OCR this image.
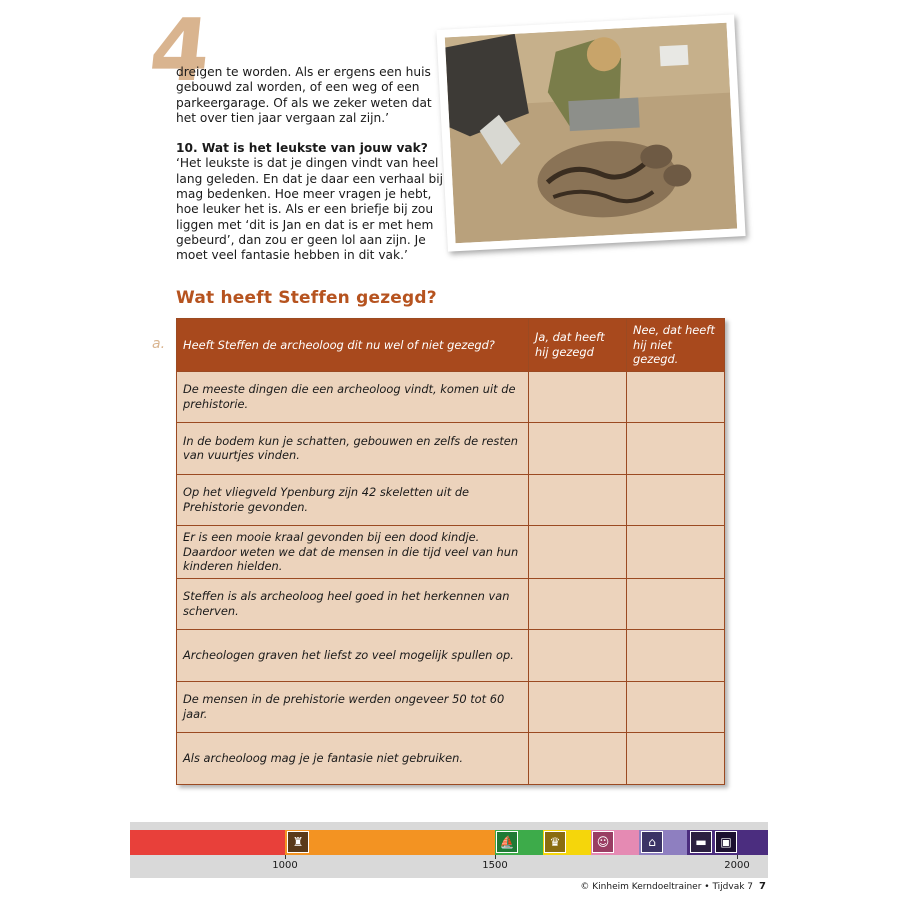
4

dreigen te worden. Als er ergens een huis gebouwd zal worden, of een weg of een parkeergarage. Of als we zeker weten dat het over tien jaar vergaan zal zijn.’

10. Wat is het leukste van jouw vak?
‘Het leukste is dat je dingen vindt van heel lang geleden. En dat je daar een verhaal bij mag bedenken. Hoe meer vragen je hebt, hoe leuker het is. Als er een briefje bij zou liggen met ‘dit is Jan en dat is er met hem gebeurd’, dan zou er geen lol aan zijn. Je moet veel fantasie hebben in dit vak.’

Wat heeft Steffen gezegd?
a. Heeft Steffen de archeoloog dit nu wel of niet gezegd?	Ja, dat heeft hij gezegd	Nee, dat heeft hij niet gezegd.
De meeste dingen die een archeoloog vindt, komen uit de prehistorie.		
In de bodem kun je schatten, gebouwen en zelfs de resten van vuurtjes vinden.		
Op het vliegveld Ypenburg zijn 42 skeletten uit de Prehistorie gevonden.		
Er is een mooie kraal gevonden bij een dood kindje. Daardoor weten we dat de mensen in die tijd veel van hun kinderen hielden.		
Steffen is als archeoloog heel goed in het herkennen van scherven.		
Archeologen graven het liefst zo veel mogelijk spullen op.		
De mensen in de prehistorie werden ongeveer 50 tot 60 jaar.		
Als archeoloog mag je je fantasie niet gebruiken.		
♜	⛵	♛	☺	⌂	▬	▣
1000	1500	2000
© Kinheim Kerndoeltrainer • Tijdvak 7 7
